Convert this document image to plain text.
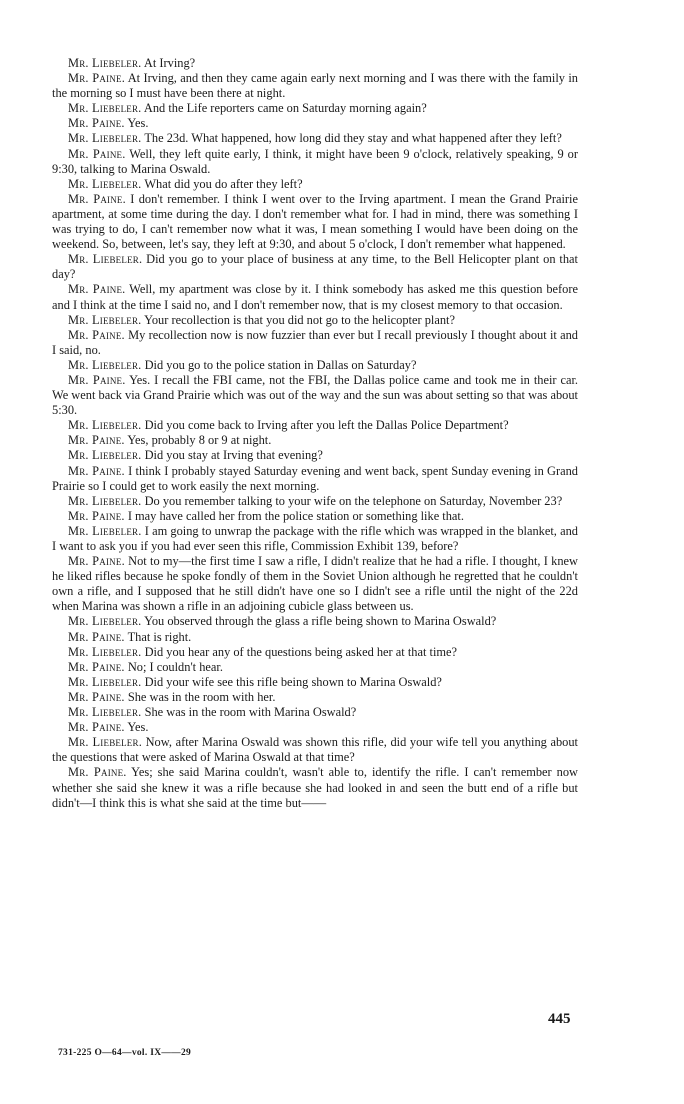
Mr. Liebeler. At Irving?

Mr. Paine. At Irving, and then they came again early next morning and I was there with the family in the morning so I must have been there at night.

Mr. Liebeler. And the Life reporters came on Saturday morning again?

Mr. Paine. Yes.

Mr. Liebeler. The 23d. What happened, how long did they stay and what happened after they left?

Mr. Paine. Well, they left quite early, I think, it might have been 9 o'clock, relatively speaking, 9 or 9:30, talking to Marina Oswald.

Mr. Liebeler. What did you do after they left?

Mr. Paine. I don't remember. I think I went over to the Irving apartment. I mean the Grand Prairie apartment, at some time during the day. I don't remember what for. I had in mind, there was something I was trying to do, I can't remember now what it was, I mean something I would have been doing on the weekend. So, between, let's say, they left at 9:30, and about 5 o'clock, I don't remember what happened.

Mr. Liebeler. Did you go to your place of business at any time, to the Bell Helicopter plant on that day?

Mr. Paine. Well, my apartment was close by it. I think somebody has asked me this question before and I think at the time I said no, and I don't remember now, that is my closest memory to that occasion.

Mr. Liebeler. Your recollection is that you did not go to the helicopter plant?

Mr. Paine. My recollection now is now fuzzier than ever but I recall previously I thought about it and I said, no.

Mr. Liebeler. Did you go to the police station in Dallas on Saturday?

Mr. Paine. Yes. I recall the FBI came, not the FBI, the Dallas police came and took me in their car. We went back via Grand Prairie which was out of the way and the sun was about setting so that was about 5:30.

Mr. Liebeler. Did you come back to Irving after you left the Dallas Police Department?

Mr. Paine. Yes, probably 8 or 9 at night.

Mr. Liebeler. Did you stay at Irving that evening?

Mr. Paine. I think I probably stayed Saturday evening and went back, spent Sunday evening in Grand Prairie so I could get to work easily the next morning.

Mr. Liebeler. Do you remember talking to your wife on the telephone on Saturday, November 23?

Mr. Paine. I may have called her from the police station or something like that.

Mr. Liebeler. I am going to unwrap the package with the rifle which was wrapped in the blanket, and I want to ask you if you had ever seen this rifle, Commission Exhibit 139, before?

Mr. Paine. Not to my—the first time I saw a rifle, I didn't realize that he had a rifle. I thought, I knew he liked rifles because he spoke fondly of them in the Soviet Union although he regretted that he couldn't own a rifle, and I supposed that he still didn't have one so I didn't see a rifle until the night of the 22d when Marina was shown a rifle in an adjoining cubicle glass between us.

Mr. Liebeler. You observed through the glass a rifle being shown to Marina Oswald?

Mr. Paine. That is right.

Mr. Liebeler. Did you hear any of the questions being asked her at that time?

Mr. Paine. No; I couldn't hear.

Mr. Liebeler. Did your wife see this rifle being shown to Marina Oswald?

Mr. Paine. She was in the room with her.

Mr. Liebeler. She was in the room with Marina Oswald?

Mr. Paine. Yes.

Mr. Liebeler. Now, after Marina Oswald was shown this rifle, did your wife tell you anything about the questions that were asked of Marina Oswald at that time?

Mr. Paine. Yes; she said Marina couldn't, wasn't able to, identify the rifle. I can't remember now whether she said she knew it was a rifle because she had looked in and seen the butt end of a rifle but didn't—I think this is what she said at the time but——

445
731-225 O—64—vol. IX——29
